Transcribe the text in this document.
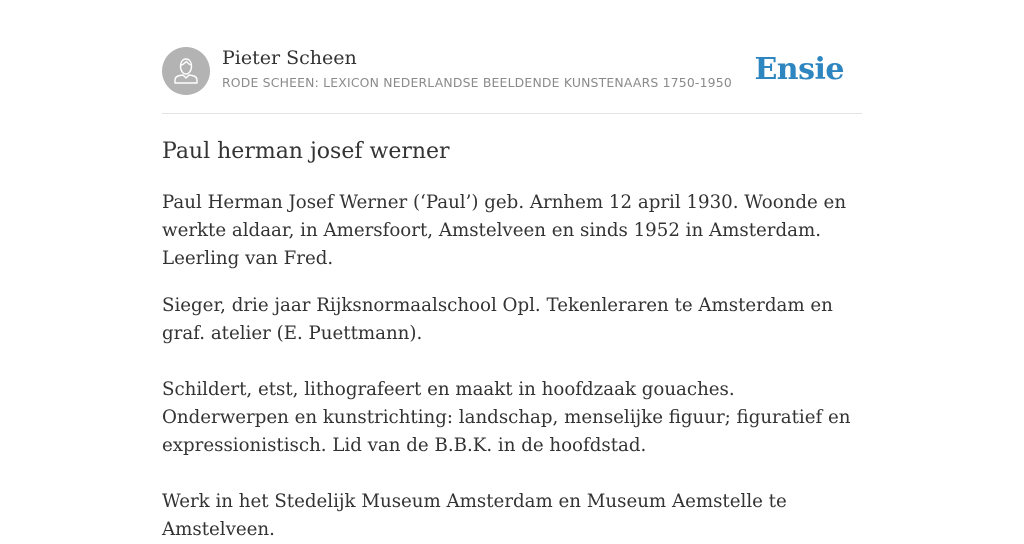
Pieter Scheen
RODE SCHEEN: LEXICON NEDERLANDSE BEELDENDE KUNSTENAARS 1750-1950 Ensie
Paul herman josef werner

Paul Herman Josef Werner (‘Paul’) geb. Arnhem 12 april 1930. Woonde en werkte aldaar, in Amersfoort, Amstelveen en sinds 1952 in Amsterdam. Leerling van Fred.

Sieger, drie jaar Rijksnormaalschool Opl. Tekenleraren te Amsterdam en graf. atelier (E. Puettmann).

Schildert, etst, lithografeert en maakt in hoofdzaak gouaches. Onderwerpen en kunstrichting: landschap, menselijke figuur; figuratief en expressionistisch. Lid van de B.B.K. in de hoofdstad.

Werk in het Stedelijk Museum Amsterdam en Museum Aemstelle te Amstelveen.
